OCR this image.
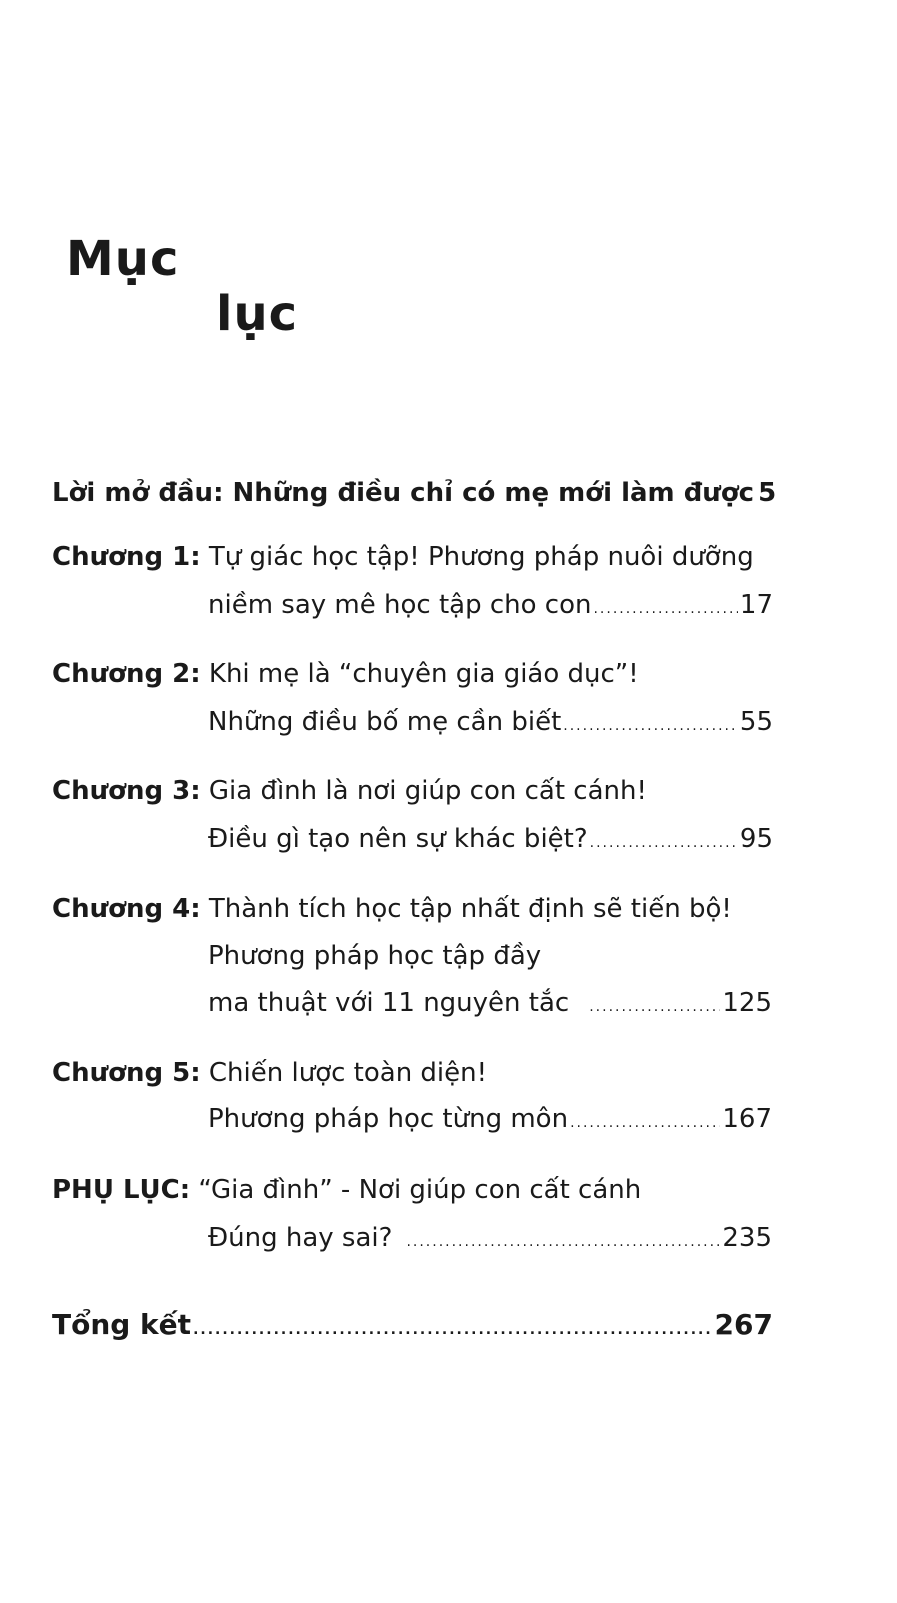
Mục
lục
Lời mở đầu: Những điều chỉ có mẹ mới làm được 5
Chương 1: Tự giác học tập! Phương pháp nuôi dưỡng
niềm say mê học tập cho con .....	17
Chương 2: Khi mẹ là “chuyên gia giáo dục”!
Những điều bố mẹ cần biết .....	55
Chương 3: Gia đình là nơi giúp con cất cánh!
Điều gì tạo nên sự khác biệt? .....	95
Chương 4: Thành tích học tập nhất định sẽ tiến bộ!
Phương pháp học tập đầy
ma thuật với 11 nguyên tắc .....	125
Chương 5: Chiến lược toàn diện!
Phương pháp học từng môn .....	167
PHỤ LỤC: “Gia đình” - Nơi giúp con cất cánh
Đúng hay sai? .....	235
Tổng kết .....	267
